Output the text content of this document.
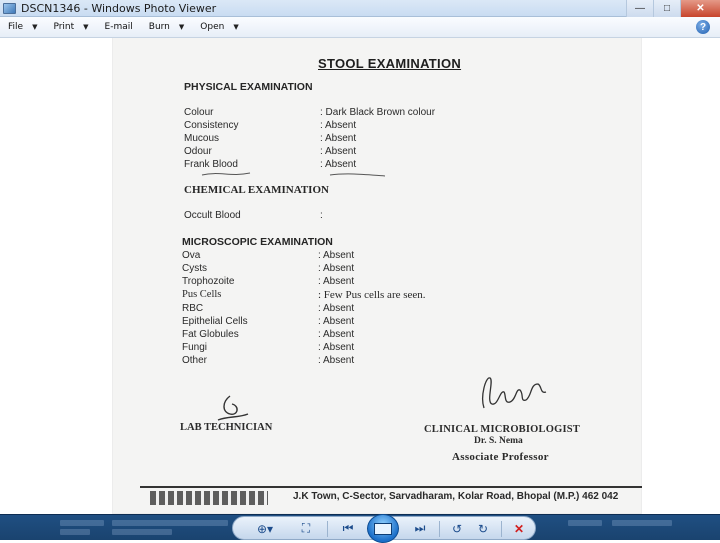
DSCN1346 - Windows Photo Viewer	—	□	✕
File ▼ Print ▼ E-mail Burn ▼ Open ▼	?
STOOL EXAMINATION
PHYSICAL EXAMINATION
Colour	: Dark Black Brown colour
Consistency	: Absent
Mucous	: Absent
Odour	: Absent
Frank Blood	: Absent
CHEMICAL EXAMINATION
Occult Blood	:
MICROSCOPIC EXAMINATION
Ova	: Absent
Cysts	: Absent
Trophozoite	: Absent
Pus Cells	: Few Pus cells are seen.
RBC	: Absent
Epithelial Cells	: Absent
Fat Globules	: Absent
Fungi	: Absent
Other	: Absent
LAB TECHNICIAN	CLINICAL MICROBIOLOGIST
Dr. S. Nema
Associate Professor
J.K Town, C-Sector, Sarvadharam, Kolar Road, Bhopal (M.P.) 462 042
⊕▾	⛶	⏮	⏭	↺	↻	✕
